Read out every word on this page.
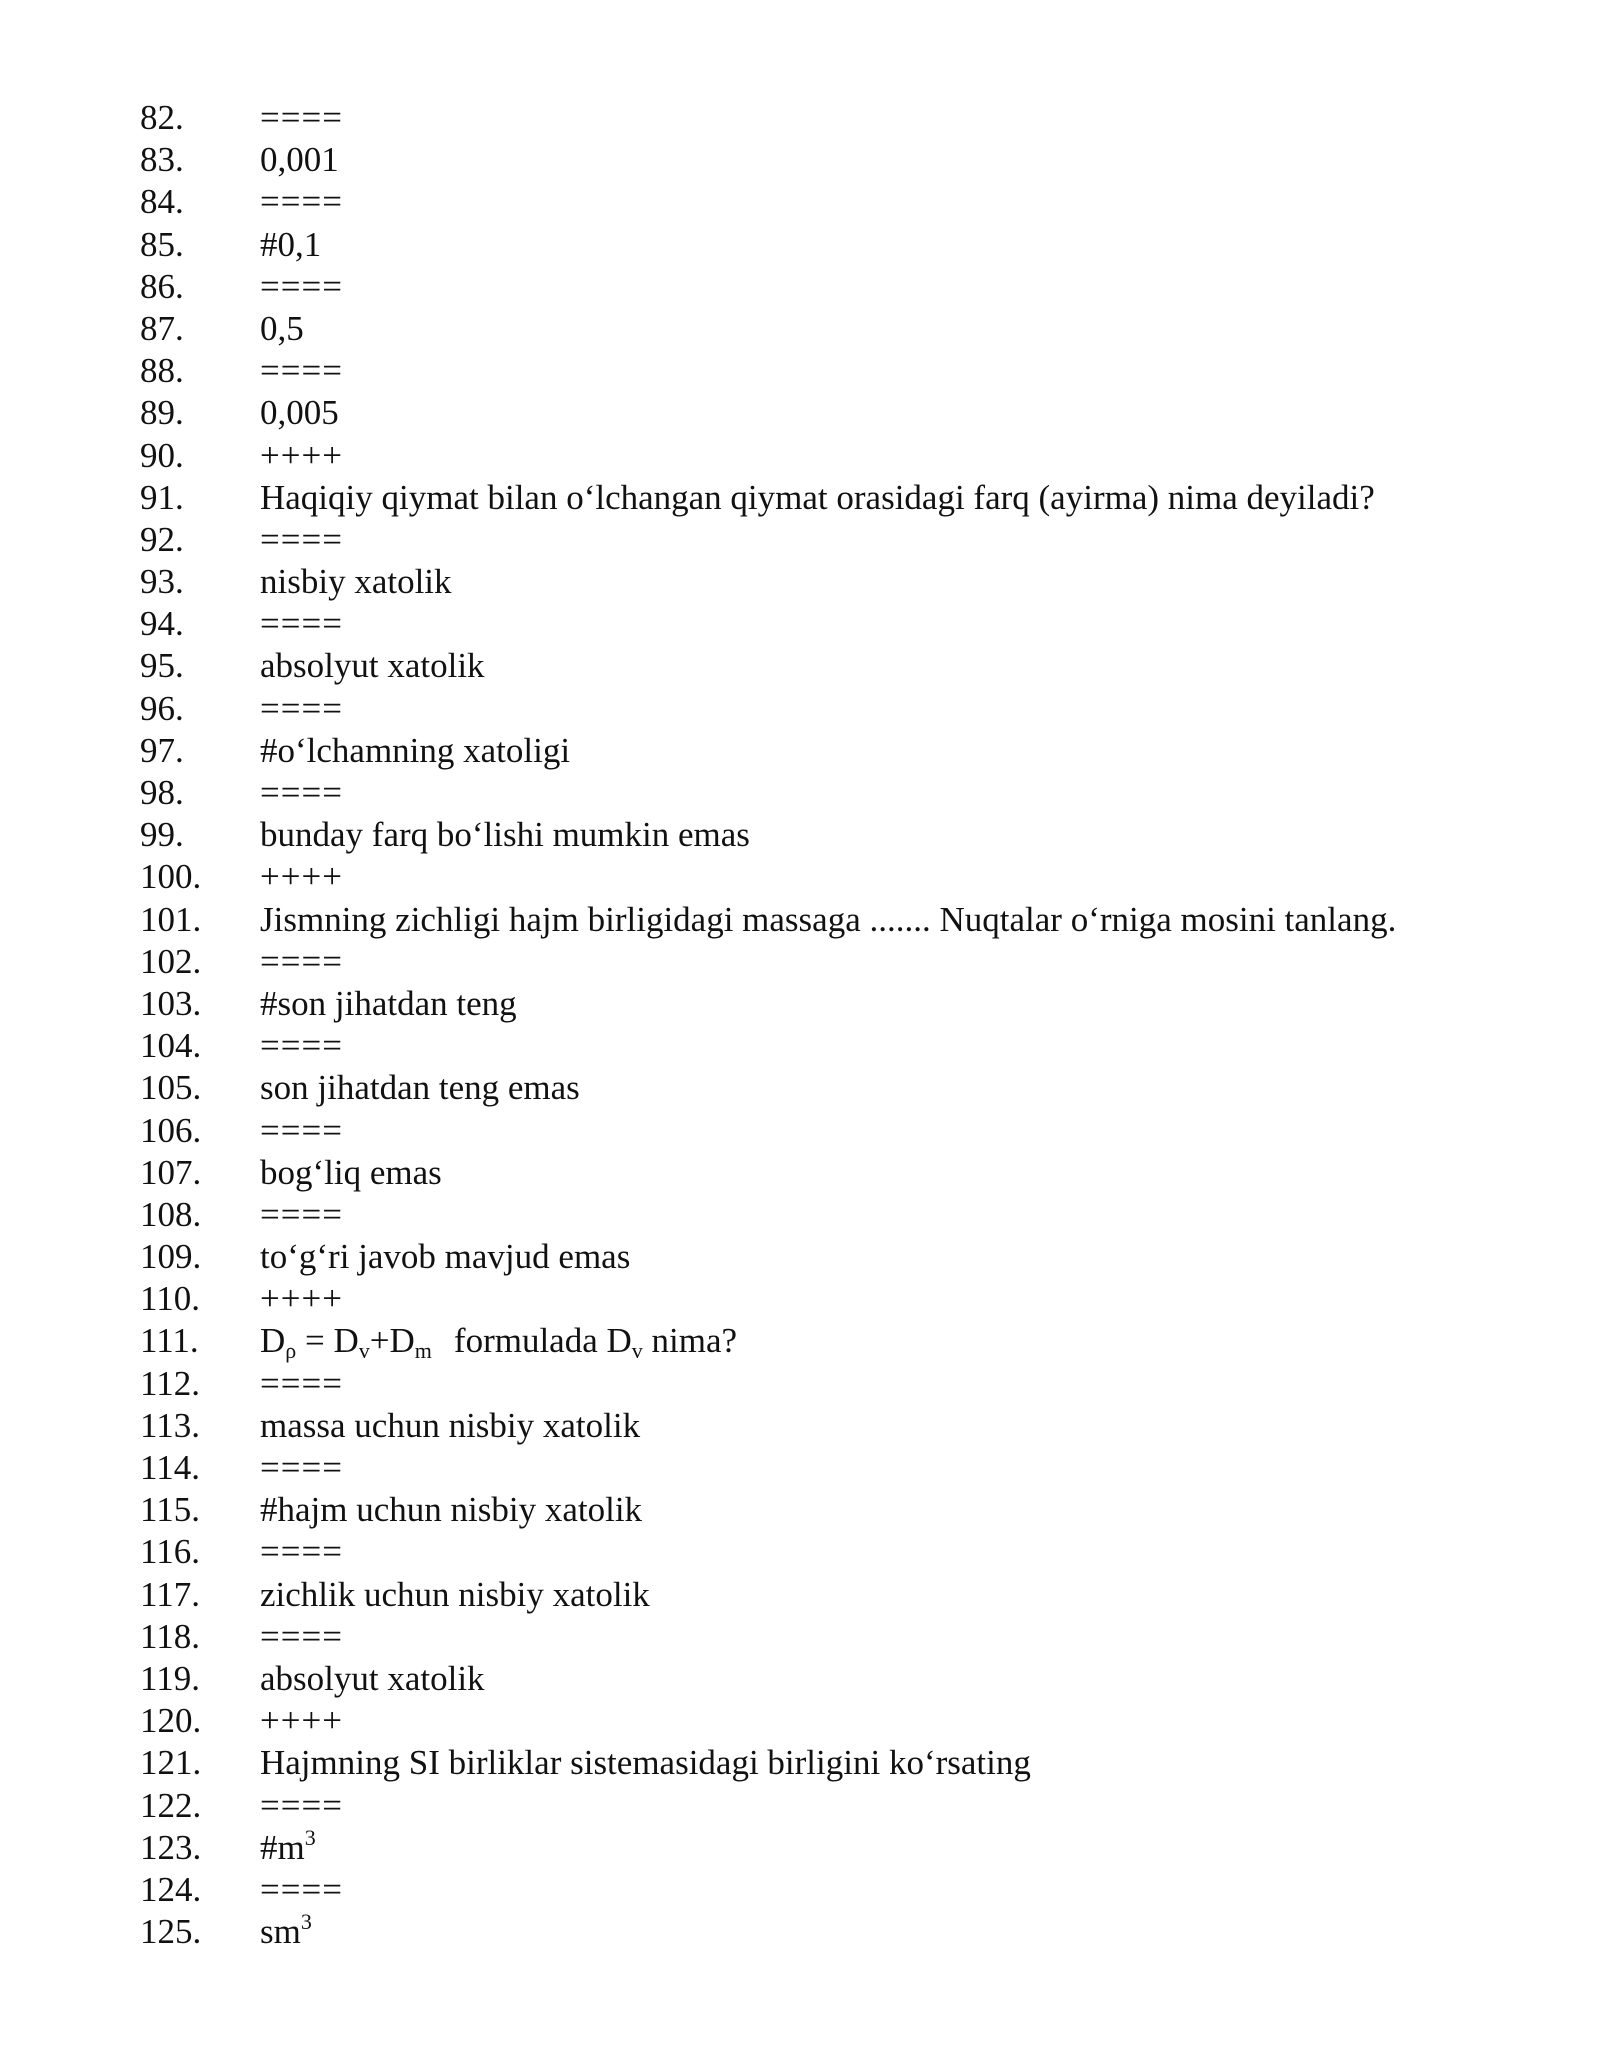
82.	====
83.	0,001
84.	====
85.	#0,1
86.	====
87.	0,5
88.	====
89.	0,005
90.	++++
91.	Haqiqiy qiymat bilan o‘lchangan qiymat orasidagi farq (ayirma) nima deyiladi?
92.	====
93.	nisbiy xatolik
94.	====
95.	absolyut xatolik
96.	====
97.	#o‘lchamning xatoligi
98.	====
99.	bunday farq bo‘lishi mumkin emas
100.	++++
101.	Jismning zichligi hajm birligidagi massaga ....... Nuqtalar o‘rniga mosini tanlang.
102.	====
103.	#son jihatdan teng
104.	====
105.	son jihatdan teng emas
106.	====
107.	bog‘liq emas
108.	====
109.	to‘g‘ri javob mavjud emas
110.	++++
111.	$D_\rho = D_v+D_m$ formulada $D_v$ nima?
112.	====
113.	massa uchun nisbiy xatolik
114.	====
115.	#hajm uchun nisbiy xatolik
116.	====
117.	zichlik uchun nisbiy xatolik
118.	====
119.	absolyut xatolik
120.	++++
121.	Hajmning SI birliklar sistemasidagi birligini ko‘rsating
122.	====
123.	$\#m^3$
124.	====
125.	$sm^3$
